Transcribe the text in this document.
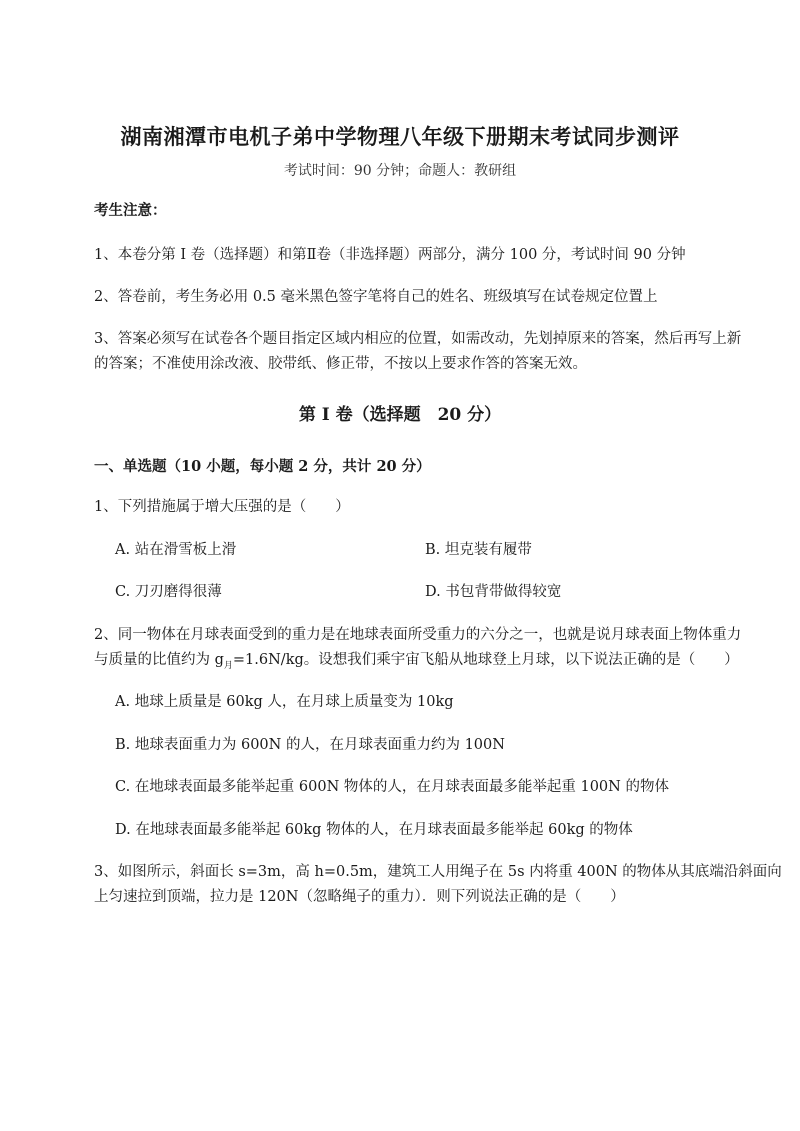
湖南湘潭市电机子弟中学物理八年级下册期末考试同步测评
考试时间：90 分钟；命题人：教研组
考生注意：
1、本卷分第 I 卷（选择题）和第Ⅱ卷（非选择题）两部分，满分 100 分，考试时间 90 分钟
2、答卷前，考生务必用 0.5 毫米黑色签字笔将自己的姓名、班级填写在试卷规定位置上
3、答案必须写在试卷各个题目指定区域内相应的位置，如需改动，先划掉原来的答案，然后再写上新的答案；不准使用涂改液、胶带纸、修正带，不按以上要求作答的答案无效。
第 I 卷（选择题　20 分）
一、单选题（10 小题，每小题 2 分，共计 20 分）
1、下列措施属于增大压强的是（　　）
A. 站在滑雪板上滑	B. 坦克装有履带
C. 刀刃磨得很薄	D. 书包背带做得较宽
2、同一物体在月球表面受到的重力是在地球表面所受重力的六分之一，也就是说月球表面上物体重力
与质量的比值约为 $g_月=1.6N/kg$。设想我们乘宇宙飞船从地球登上月球，以下说法正确的是（　　）
A. 地球上质量是 60kg 人，在月球上质量变为 10kg
B. 地球表面重力为 600N 的人，在月球表面重力约为 100N
C. 在地球表面最多能举起重 600N 物体的人，在月球表面最多能举起重 100N 的物体
D. 在地球表面最多能举起 60kg 物体的人，在月球表面最多能举起 60kg 的物体
3、如图所示，斜面长 s=3m，高 h=0.5m，建筑工人用绳子在 5s 内将重 400N 的物体从其底端沿斜面向
上匀速拉到顶端，拉力是 120N（忽略绳子的重力）．则下列说法正确的是（　　）
